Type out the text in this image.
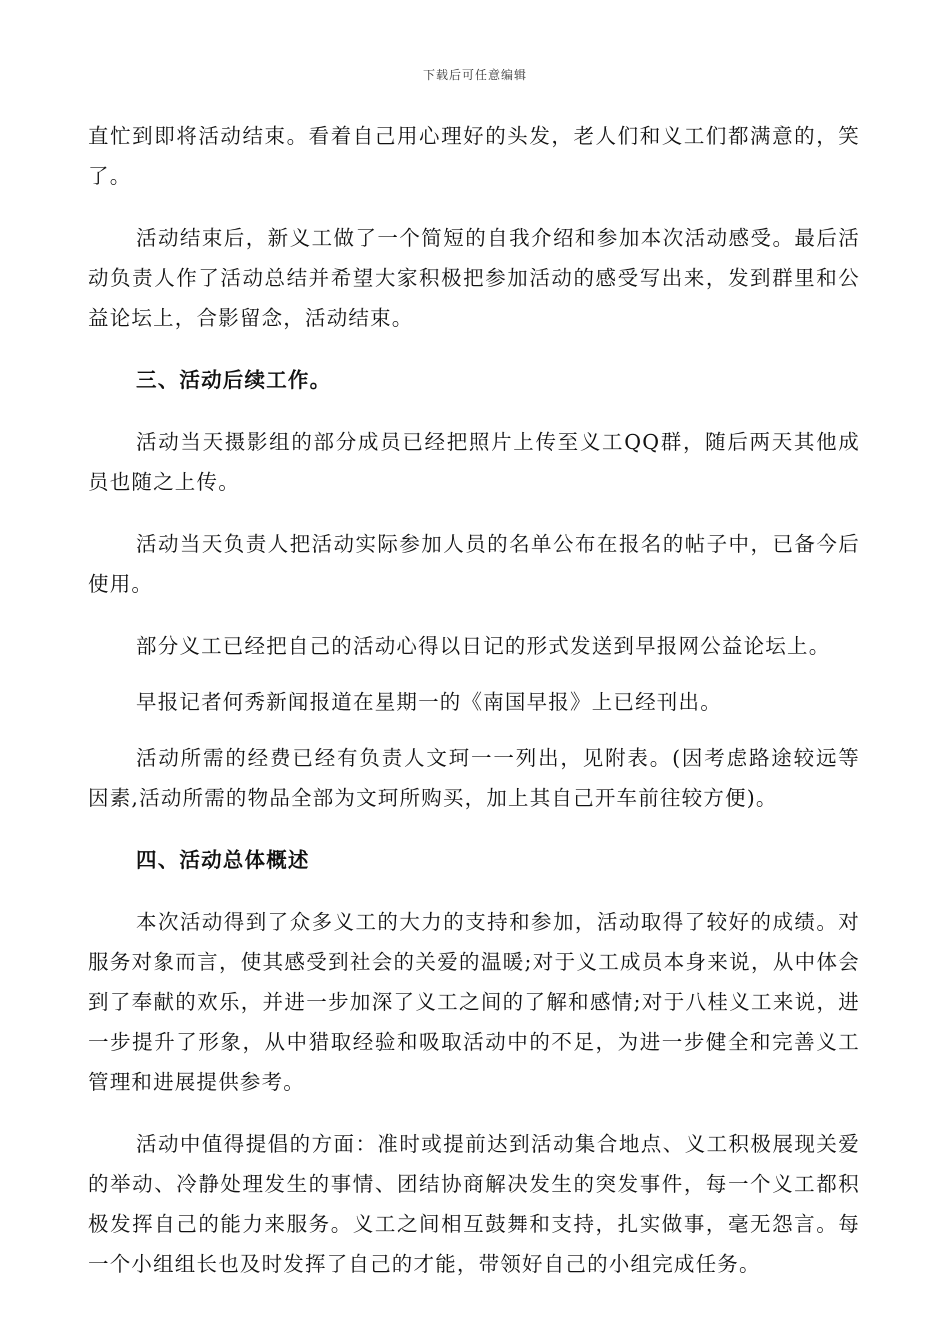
下载后可任意编辑

直忙到即将活动结束。看着自己用心理好的头发，老人们和义工们都满意的，笑了。

活动结束后，新义工做了一个简短的自我介绍和参加本次活动感受。最后活动负责人作了活动总结并希望大家积极把参加活动的感受写出来，发到群里和公益论坛上，合影留念，活动结束。

三、活动后续工作。

活动当天摄影组的部分成员已经把照片上传至义工QQ群，随后两天其他成员也随之上传。

活动当天负责人把活动实际参加人员的名单公布在报名的帖子中，已备今后使用。

部分义工已经把自己的活动心得以日记的形式发送到早报网公益论坛上。

早报记者何秀新闻报道在星期一的《南国早报》上已经刊出。

活动所需的经费已经有负责人文珂一一列出，见附表。(因考虑路途较远等因素,活动所需的物品全部为文珂所购买，加上其自己开车前往较方便)。

四、活动总体概述

本次活动得到了众多义工的大力的支持和参加，活动取得了较好的成绩。对服务对象而言，使其感受到社会的关爱的温暖;对于义工成员本身来说，从中体会到了奉献的欢乐，并进一步加深了义工之间的了解和感情;对于八桂义工来说，进一步提升了形象，从中猎取经验和吸取活动中的不足，为进一步健全和完善义工管理和进展提供参考。

活动中值得提倡的方面：准时或提前达到活动集合地点、义工积极展现关爱的举动、冷静处理发生的事情、团结协商解决发生的突发事件，每一个义工都积极发挥自己的能力来服务。义工之间相互鼓舞和支持，扎实做事，毫无怨言。每一个小组组长也及时发挥了自己的才能，带领好自己的小组完成任务。
